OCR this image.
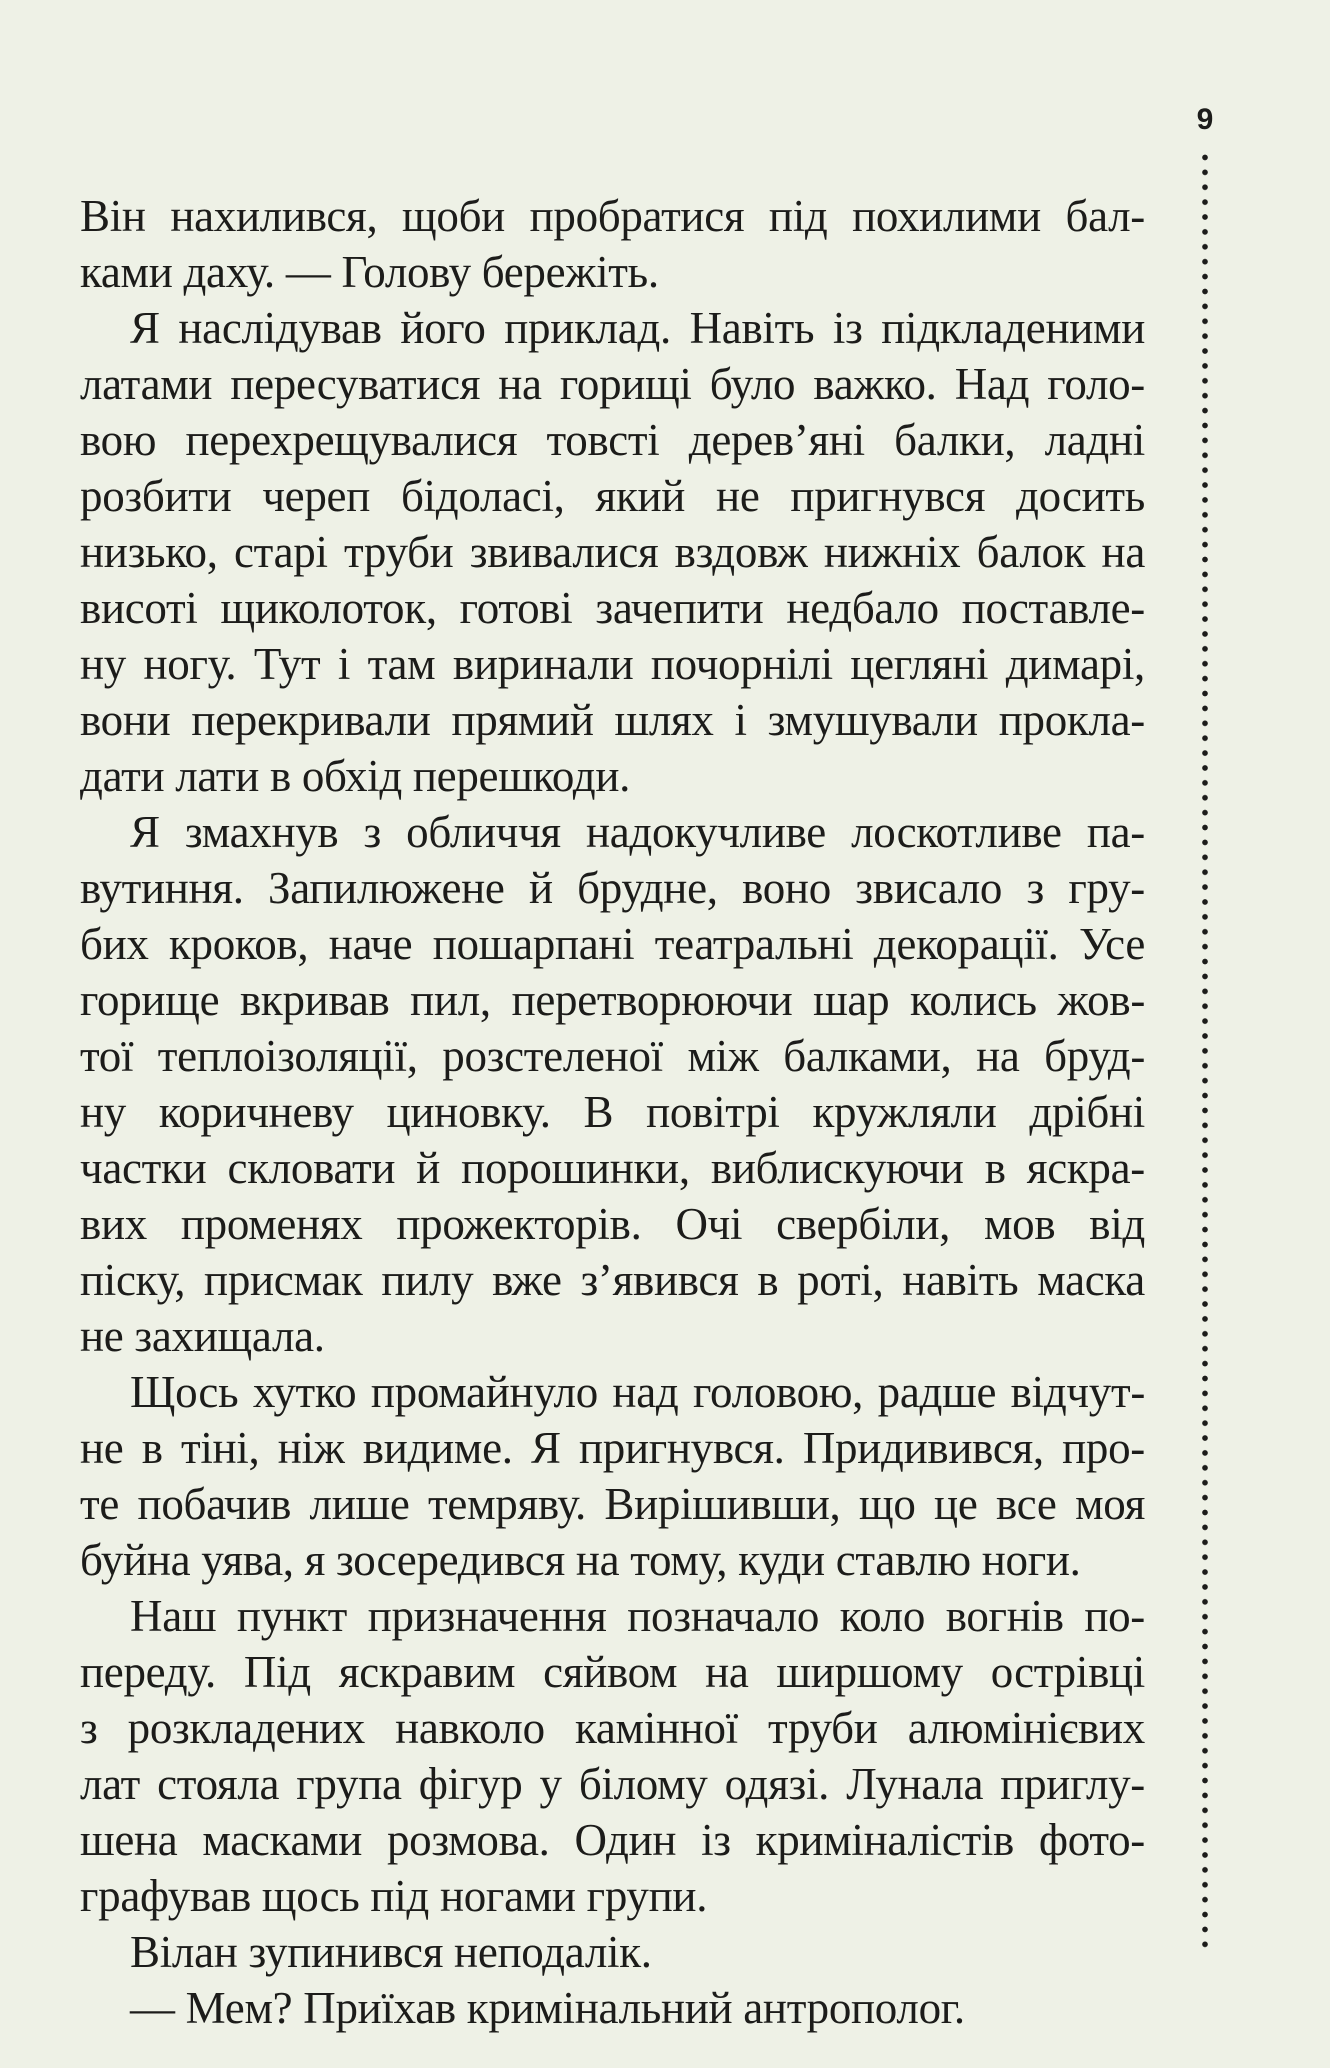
9
Він нахилився, щоби пробратися під похилими бал-
ками даху. — Голову бережіть.
Я наслідував його приклад. Навіть із підкладеними
латами пересуватися на горищі було важко. Над голо-
вою перехрещувалися товсті дерев’яні балки, ладні
розбити череп бідоласі, який не пригнувся досить
низько, старі труби звивалися вздовж нижніх балок на
висоті щиколоток, готові зачепити недбало поставле-
ну ногу. Тут і там виринали почорнілі цегляні димарі,
вони перекривали прямий шлях і змушували прокла-
дати лати в обхід перешкоди.
Я змахнув з обличчя надокучливе лоскотливе па-
вутиння. Запилюжене й брудне, воно звисало з гру-
бих кроков, наче пошарпані театральні декорації. Усе
горище вкривав пил, перетворюючи шар колись жов-
тої теплоізоляції, розстеленої між балками, на бруд-
ну коричневу циновку. В повітрі кружляли дрібні
частки скловати й порошинки, виблискуючи в яскра-
вих променях прожекторів. Очі свербіли, мов від
піску, присмак пилу вже з’явився в роті, навіть маска
не захищала.
Щось хутко промайнуло над головою, радше відчут-
не в тіні, ніж видиме. Я пригнувся. Придивився, про-
те побачив лише темряву. Вирішивши, що це все моя
буйна уява, я зосередився на тому, куди ставлю ноги.
Наш пункт призначення позначало коло вогнів по-
переду. Під яскравим сяйвом на ширшому острівці
з розкладених навколо камінної труби алюмінієвих
лат стояла група фігур у білому одязі. Лунала приглу-
шена масками розмова. Один із криміналістів фото-
графував щось під ногами групи.
Вілан зупинився неподалік.
— Мем? Приїхав кримінальний антрополог.
